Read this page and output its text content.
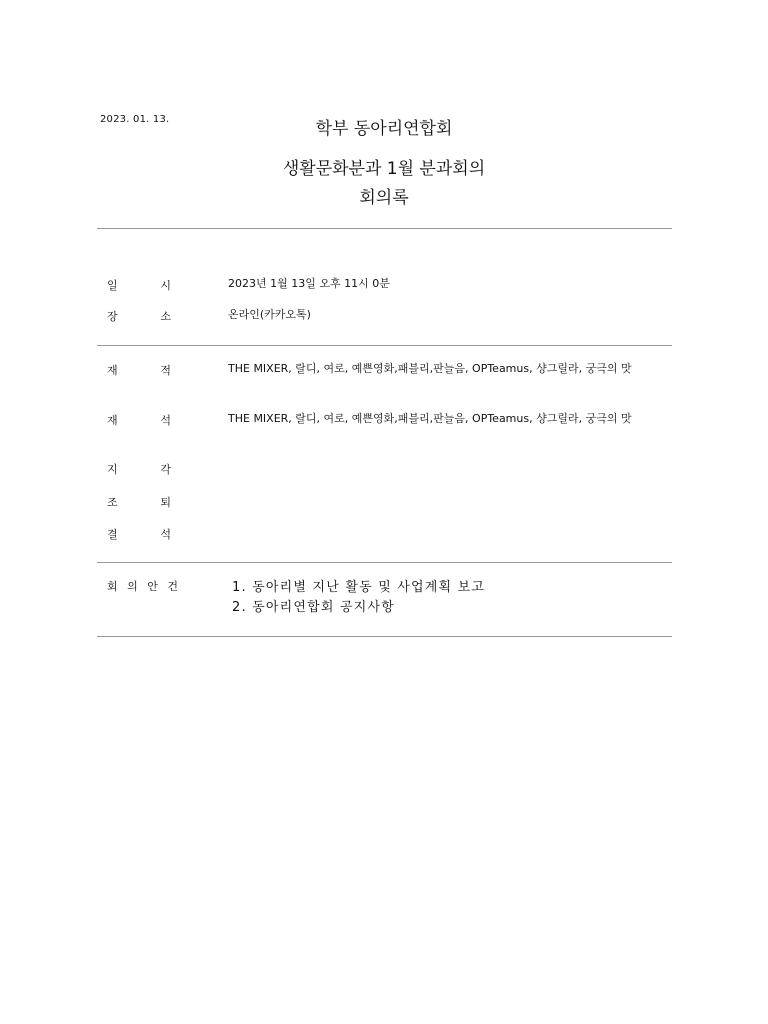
2023. 01. 13.	학부 동아리연합회
생활문화분과 1월 분과회의
회의록
일	시	2023년 1월 13일 오후 11시 0분
장	소	온라인(카카오톡)
재	적	THE MIXER, 랄디, 여로, 예쁜영화,패블리,판늘음, OPTeamus, 샹그릴라, 궁극의 맛
재	석	THE MIXER, 랄디, 여로, 예쁜영화,패블리,판늘음, OPTeamus, 샹그릴라, 궁극의 맛
지	각
조	퇴
결	석
회 의 안 건	1. 동아리별 지난 활동 및 사업계획 보고
2. 동아리연합회 공지사항
